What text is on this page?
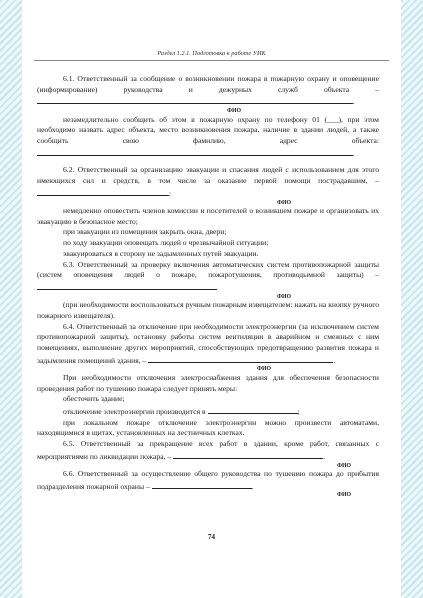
Раздел 1.2.1. Подготовка к работе УИК

6.1. Ответственный за сообщение о возникновении пожара в пожарную охрану и оповещение (информирование) руководства и дежурных служб объекта – .
ФИО

незамедлительно сообщить об этом в пожарную охрану по телефону 01 (___), при этом необходимо назвать адрес объекта, место возникновения пожара, наличие в здании людей, а также сообщить свою фамилию, адрес объекта: .

6.2. Ответственный за организацию эвакуации и спасания людей с использованием для этого имеющихся сил и средств, в том числе за оказание первой помощи пострадавшим, – :
ФИО

немедленно оповестить членов комиссии и посетителей о возникшем пожаре и организовать их эвакуацию в безопасное место;

при эвакуации из помещения закрыть окна, двери;

по ходу эвакуации оповещать людей о чрезвычайной ситуации;

эвакуироваться в сторону не задымленных путей эвакуации.

6.3. Ответственный за проверку включения автоматических систем противопожарной защиты (систем оповещения людей о пожаре, пожаротушения, противодымной защиты) –
ФИО

(при необходимости воспользоваться ручным пожарным извещателем: нажать на кнопку ручного пожарного извещателя).

6.4. Ответственный за отключение при необходимости электроэнергии (за исключением систем противопожарной защиты), остановку работы систем вентиляции в аварийном и смежных с ним помещениях, выполнение других мероприятий, способствующих предотвращению развития пожара и задымления помещений здания, –	.
ФИО

При необходимости отключения электроснабжения здания для обеспечения безопасности проведения работ по тушению пожара следует принять меры:

обесточить здание;

отключение электроэнергии производится в	;

при локальном пожаре отключение электроэнергии можно произвести автоматами, находящимися в щитах, установленных на лестничных клетках.

6.5. Ответственный за прекращение всех работ в здании, кроме работ, связанных с мероприятиями по ликвидации пожара, –	.
ФИО

6.6. Ответственный за осуществление общего руководства по тушению пожара до прибытия подразделения пожарной охраны –	.
ФИО

74
